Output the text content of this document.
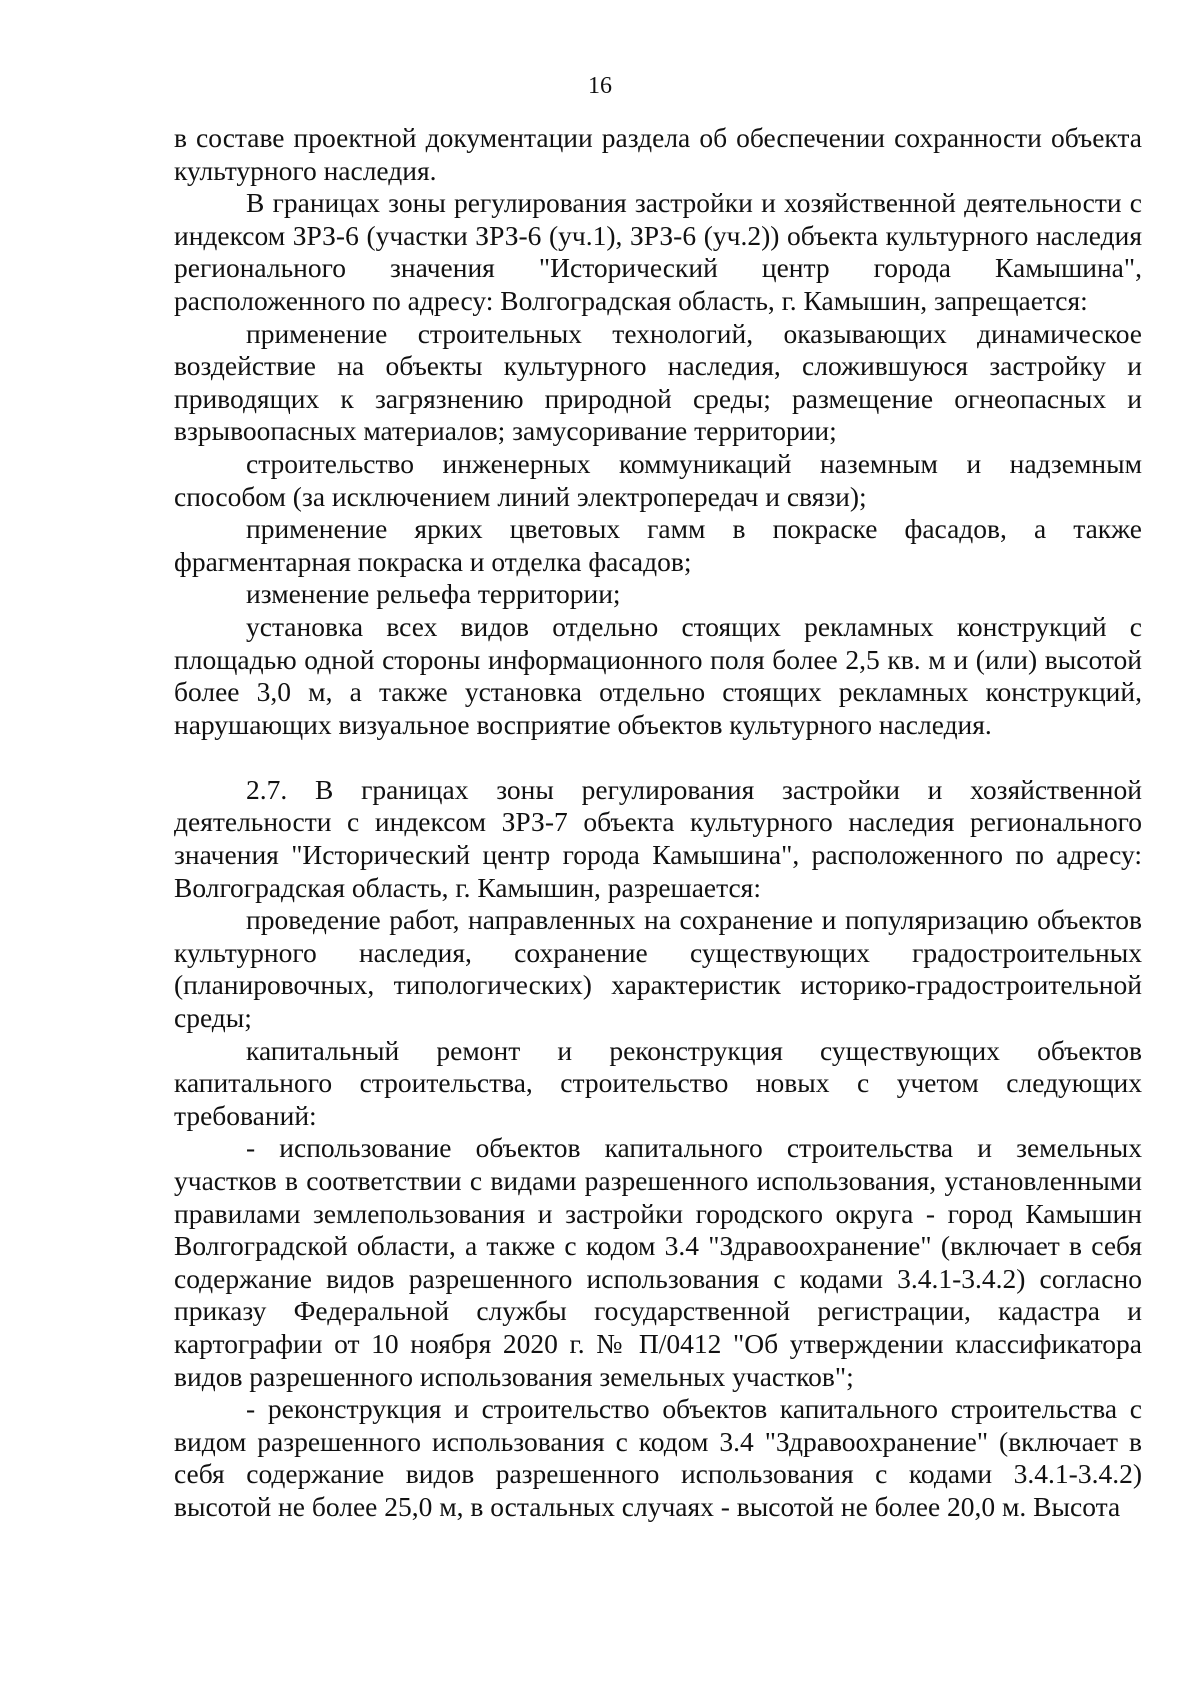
16

в составе проектной документации раздела об обеспечении сохранности объекта культурного наследия.

В границах зоны регулирования застройки и хозяйственной деятельности с индексом ЗРЗ-6 (участки ЗРЗ-6 (уч.1), ЗРЗ-6 (уч.2)) объекта культурного наследия регионального значения "Исторический центр города Камышина", расположенного по адресу: Волгоградская область, г. Камышин, запрещается:

применение строительных технологий, оказывающих динамическое воздействие на объекты культурного наследия, сложившуюся застройку и приводящих к загрязнению природной среды; размещение огнеопасных и взрывоопасных материалов; замусоривание территории;

строительство инженерных коммуникаций наземным и надземным способом (за исключением линий электропередач и связи);

применение ярких цветовых гамм в покраске фасадов, а также фрагментарная покраска и отделка фасадов;

изменение рельефа территории;

установка всех видов отдельно стоящих рекламных конструкций с площадью одной стороны информационного поля более 2,5 кв. м и (или) высотой более 3,0 м, а также установка отдельно стоящих рекламных конструкций, нарушающих визуальное восприятие объектов культурного наследия.

2.7. В границах зоны регулирования застройки и хозяйственной деятельности с индексом ЗРЗ-7 объекта культурного наследия регионального значения "Исторический центр города Камышина", расположенного по адресу: Волгоградская область, г. Камышин, разрешается:

проведение работ, направленных на сохранение и популяризацию объектов культурного наследия, сохранение существующих градостроительных (планировочных, типологических) характеристик историко-градостроительной среды;

капитальный ремонт и реконструкция существующих объектов капитального строительства, строительство новых с учетом следующих требований:

- использование объектов капитального строительства и земельных участков в соответствии с видами разрешенного использования, установленными правилами землепользования и застройки городского округа - город Камышин Волгоградской области, а также с кодом 3.4 "Здравоохранение" (включает в себя содержание видов разрешенного использования с кодами 3.4.1-3.4.2) согласно приказу Федеральной службы государственной регистрации, кадастра и картографии от 10 ноября 2020 г. № П/0412 "Об утверждении классификатора видов разрешенного использования земельных участков";

- реконструкция и строительство объектов капитального строительства с видом разрешенного использования с кодом 3.4 "Здравоохранение" (включает в себя содержание видов разрешенного использования с кодами 3.4.1-3.4.2) высотой не более 25,0 м, в остальных случаях - высотой не более 20,0 м. Высота
